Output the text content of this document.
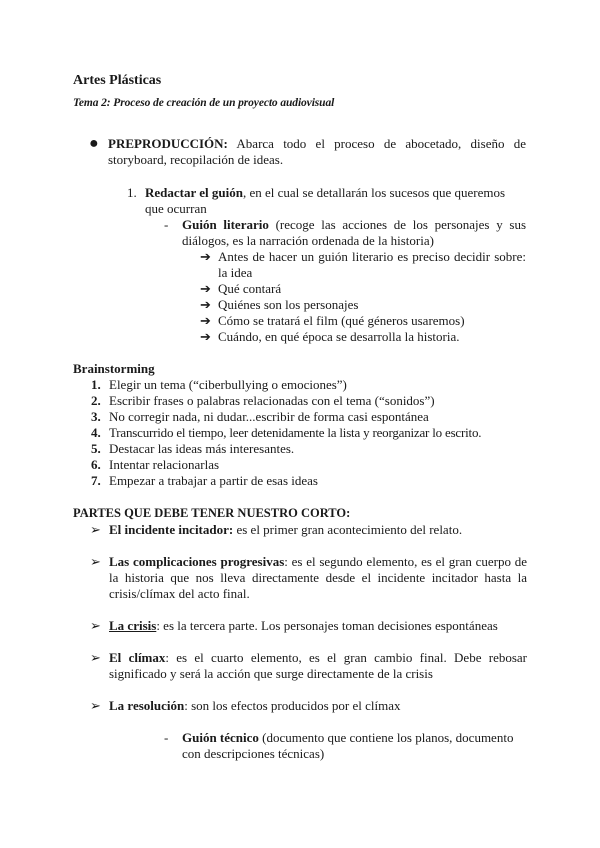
Artes Plásticas
Tema 2: Proceso de creación de un proyecto audiovisual
● PREPRODUCCIÓN: Abarca todo el proceso de abocetado, diseño de storyboard, recopilación de ideas.
1. Redactar el guión, en el cual se detallarán los sucesos que queremos que ocurran
- Guión literario (recoge las acciones de los personajes y sus diálogos, es la narración ordenada de la historia)
➔ Antes de hacer un guión literario es preciso decidir sobre: la idea
➔ Qué contará
➔ Quiénes son los personajes
➔ Cómo se tratará el film (qué géneros usaremos)
➔ Cuándo, en qué época se desarrolla la historia.
Brainstorming
1. Elegir un tema (“ciberbullying o emociones”)
2. Escribir frases o palabras relacionadas con el tema (“sonidos”)
3. No corregir nada, ni dudar...escribir de forma casi espontánea
4. Transcurrido el tiempo, leer detenidamente la lista y reorganizar lo escrito.
5. Destacar las ideas más interesantes.
6. Intentar relacionarlas
7. Empezar a trabajar a partir de esas ideas
PARTES QUE DEBE TENER NUESTRO CORTO:
➢ El incidente incitador: es el primer gran acontecimiento del relato.
➢ Las complicaciones progresivas: es el segundo elemento, es el gran cuerpo de la historia que nos lleva directamente desde el incidente incitador hasta la crisis/clímax del acto final.
➢ La crisis: es la tercera parte. Los personajes toman decisiones espontáneas
➢ El clímax: es el cuarto elemento, es el gran cambio final. Debe rebosar significado y será la acción que surge directamente de la crisis
➢ La resolución: son los efectos producidos por el clímax
- Guión técnico (documento que contiene los planos, documento con descripciones técnicas)
